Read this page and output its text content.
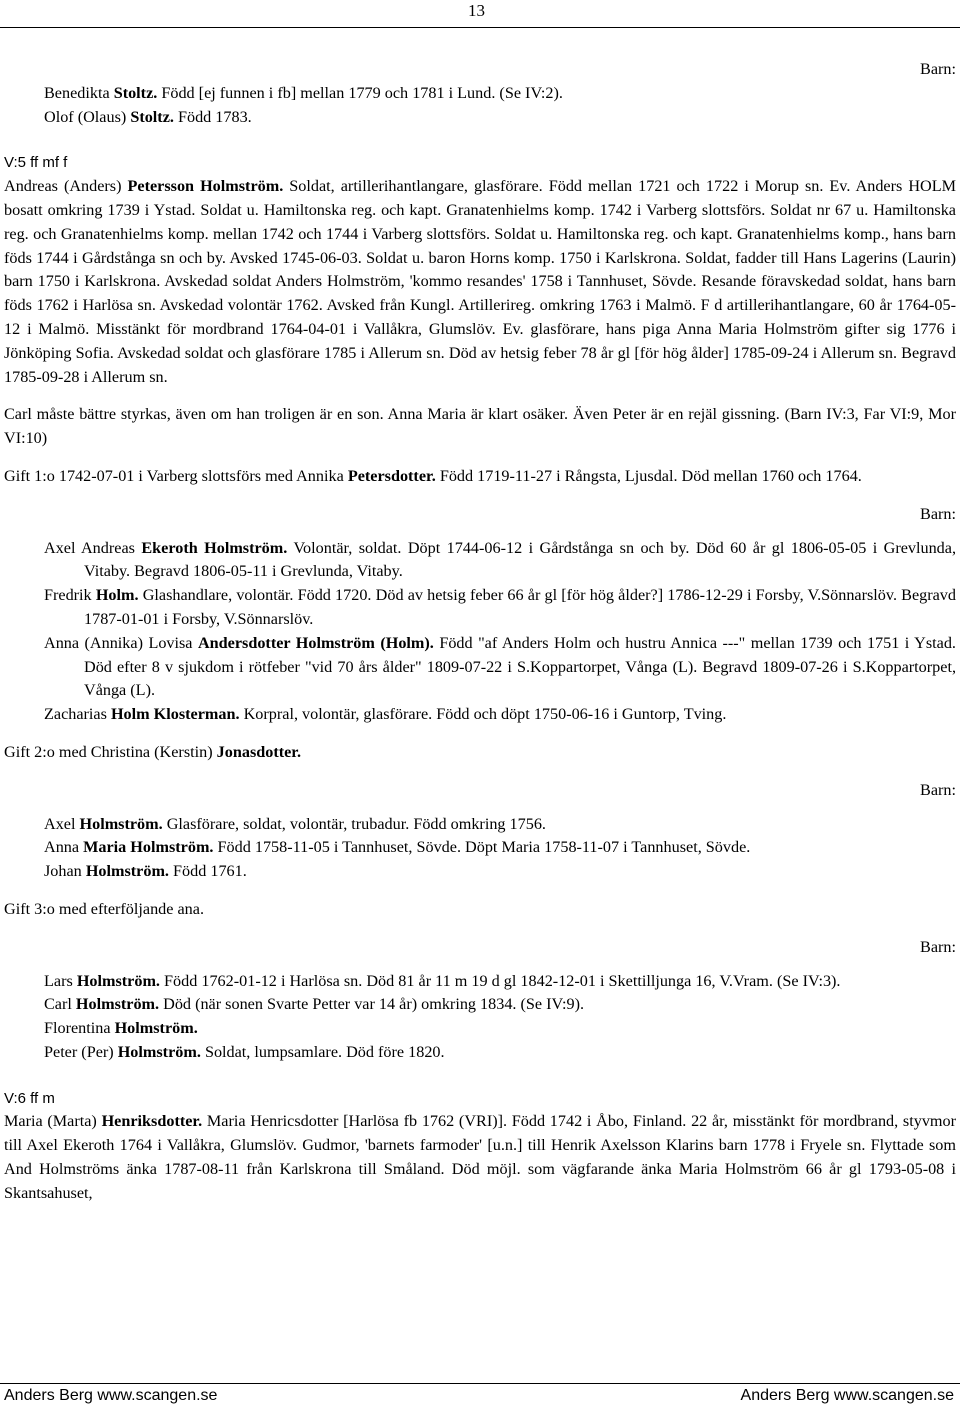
13

Barn:

Benedikta Stoltz. Född [ej funnen i fb] mellan 1779 och 1781 i Lund. (Se IV:2).

Olof (Olaus) Stoltz. Född 1783.

V:5 ff mf f

Andreas (Anders) Petersson Holmström. Soldat, artillerihantlangare, glasförare. Född mellan 1721 och 1722 i Morup sn. Ev. Anders HOLM bosatt omkring 1739 i Ystad. Soldat u. Hamiltonska reg. och kapt. Granatenhielms komp. 1742 i Varberg slottsförs. Soldat nr 67 u. Hamiltonska reg. och Granatenhielms komp. mellan 1742 och 1744 i Varberg slottsförs. Soldat u. Hamiltonska reg. och kapt. Granatenhielms komp., hans barn föds 1744 i Gårdstånga sn och by. Avsked 1745-06-03. Soldat u. baron Horns komp. 1750 i Karlskrona. Soldat, fadder till Hans Lagerins (Laurin) barn 1750 i Karlskrona. Avskedad soldat Anders Holmström, 'kommo resandes' 1758 i Tannhuset, Sövde. Resande föravskedad soldat, hans barn föds 1762 i Harlösa sn. Avskedad volontär 1762. Avsked från Kungl. Artillerireg. omkring 1763 i Malmö. F d artillerihantlangare, 60 år 1764-05-12 i Malmö. Misstänkt för mordbrand 1764-04-01 i Vallåkra, Glumslöv. Ev. glasförare, hans piga Anna Maria Holmström gifter sig 1776 i Jönköping Sofia. Avskedad soldat och glasförare 1785 i Allerum sn. Död av hetsig feber 78 år gl [för hög ålder] 1785-09-24 i Allerum sn. Begravd 1785-09-28 i Allerum sn.

Carl måste bättre styrkas, även om han troligen är en son. Anna Maria är klart osäker. Även Peter är en rejäl gissning. (Barn IV:3, Far VI:9, Mor VI:10)

Gift 1:o 1742-07-01 i Varberg slottsförs med Annika Petersdotter. Född 1719-11-27 i Rångsta, Ljusdal. Död mellan 1760 och 1764.

Barn:

Axel Andreas Ekeroth Holmström. Volontär, soldat. Döpt 1744-06-12 i Gårdstånga sn och by. Död 60 år gl 1806-05-05 i Grevlunda, Vitaby. Begravd 1806-05-11 i Grevlunda, Vitaby.

Fredrik Holm. Glashandlare, volontär. Född 1720. Död av hetsig feber 66 år gl [för hög ålder?] 1786-12-29 i Forsby, V.Sönnarslöv. Begravd 1787-01-01 i Forsby, V.Sönnarslöv.

Anna (Annika) Lovisa Andersdotter Holmström (Holm). Född "af Anders Holm och hustru Annica ---" mellan 1739 och 1751 i Ystad. Död efter 8 v sjukdom i rötfeber "vid 70 års ålder" 1809-07-22 i S.Koppartorpet, Vånga (L). Begravd 1809-07-26 i S.Koppartorpet, Vånga (L).

Zacharias Holm Klosterman. Korpral, volontär, glasförare. Född och döpt 1750-06-16 i Guntorp, Tving.

Gift 2:o med Christina (Kerstin) Jonasdotter.

Barn:

Axel Holmström. Glasförare, soldat, volontär, trubadur. Född omkring 1756.

Anna Maria Holmström. Född 1758-11-05 i Tannhuset, Sövde. Döpt Maria 1758-11-07 i Tannhuset, Sövde.

Johan Holmström. Född 1761.

Gift 3:o med efterföljande ana.

Barn:

Lars Holmström. Född 1762-01-12 i Harlösa sn. Död 81 år 11 m 19 d gl 1842-12-01 i Skettilljunga 16, V.Vram. (Se IV:3).

Carl Holmström. Död (när sonen Svarte Petter var 14 år) omkring 1834. (Se IV:9).

Florentina Holmström.

Peter (Per) Holmström. Soldat, lumpsamlare. Död före 1820.

V:6 ff m

Maria (Marta) Henriksdotter. Maria Henricsdotter [Harlösa fb 1762 (VRI)]. Född 1742 i Åbo, Finland. 22 år, misstänkt för mordbrand, styvmor till Axel Ekeroth 1764 i Vallåkra, Glumslöv. Gudmor, 'barnets farmoder' [u.n.] till Henrik Axelsson Klarins barn 1778 i Fryele sn. Flyttade som And Holmströms änka 1787-08-11 från Karlskrona till Småland. Död möjl. som vägfarande änka Maria Holmström 66 år gl 1793-05-08 i Skantsahuset,

Anders Berg www.scangen.se	Anders Berg www.scangen.se
